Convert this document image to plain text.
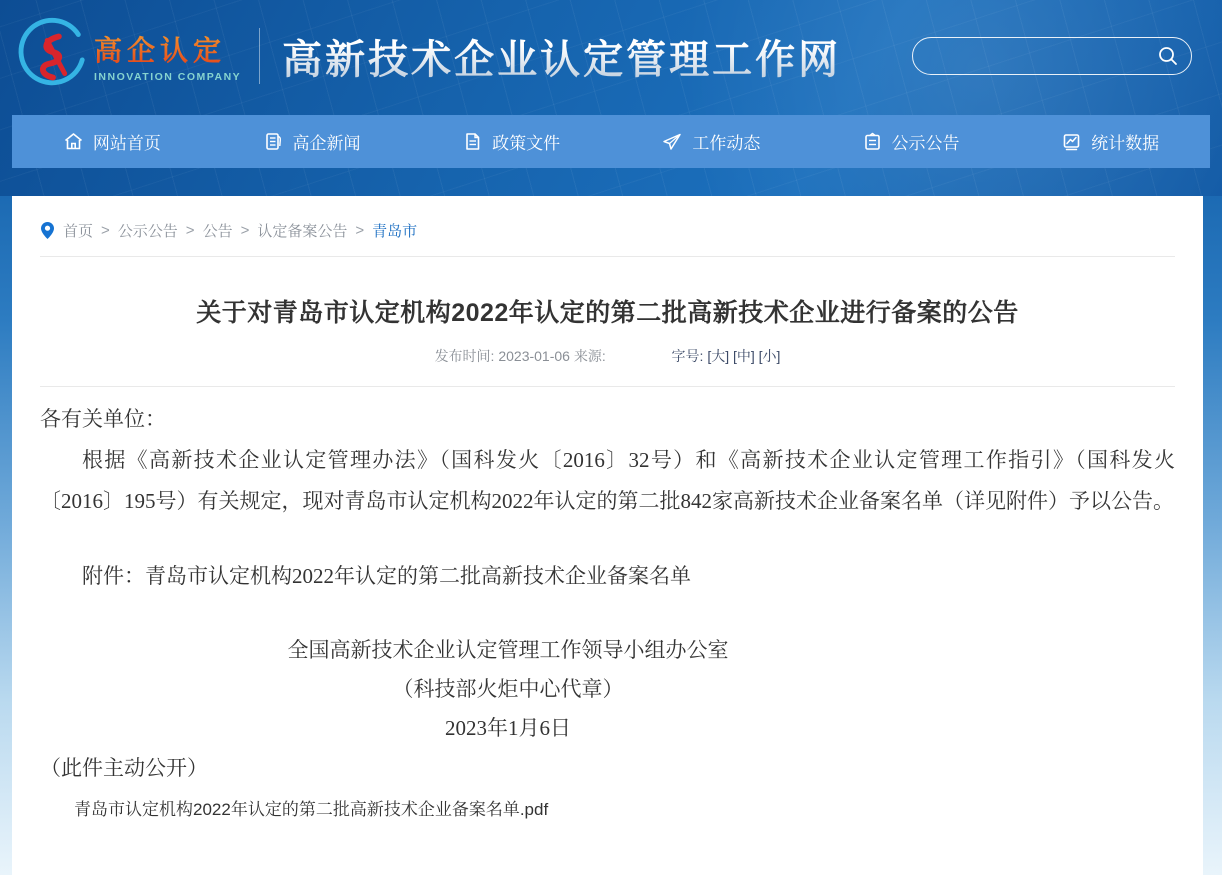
高企认定
INNOVATION COMPANY 高新技术企业认定管理工作网
网站首页	高企新闻	政策文件	工作动态	公示公告	统计数据
首页 > 公示公告 > 公告 > 认定备案公告 > 青岛市
关于对青岛市认定机构2022年认定的第二批高新技术企业进行备案的公告
发布时间: 2023-01-06 来源:	字号: [大] [中] [小]

各有关单位：

根据《高新技术企业认定管理办法》（国科发火〔2016〕32号）和《高新技术企业认定管理工作指引》（国科发火〔2016〕195号）有关规定，现对青岛市认定机构2022年认定的第二批842家高新技术企业备案名单（详见附件）予以公告。

附件：青岛市认定机构2022年认定的第二批高新技术企业备案名单

全国高新技术企业认定管理工作领导小组办公室
（科技部火炬中心代章）
2023年1月6日

（此件主动公开）

青岛市认定机构2022年认定的第二批高新技术企业备案名单.pdf
